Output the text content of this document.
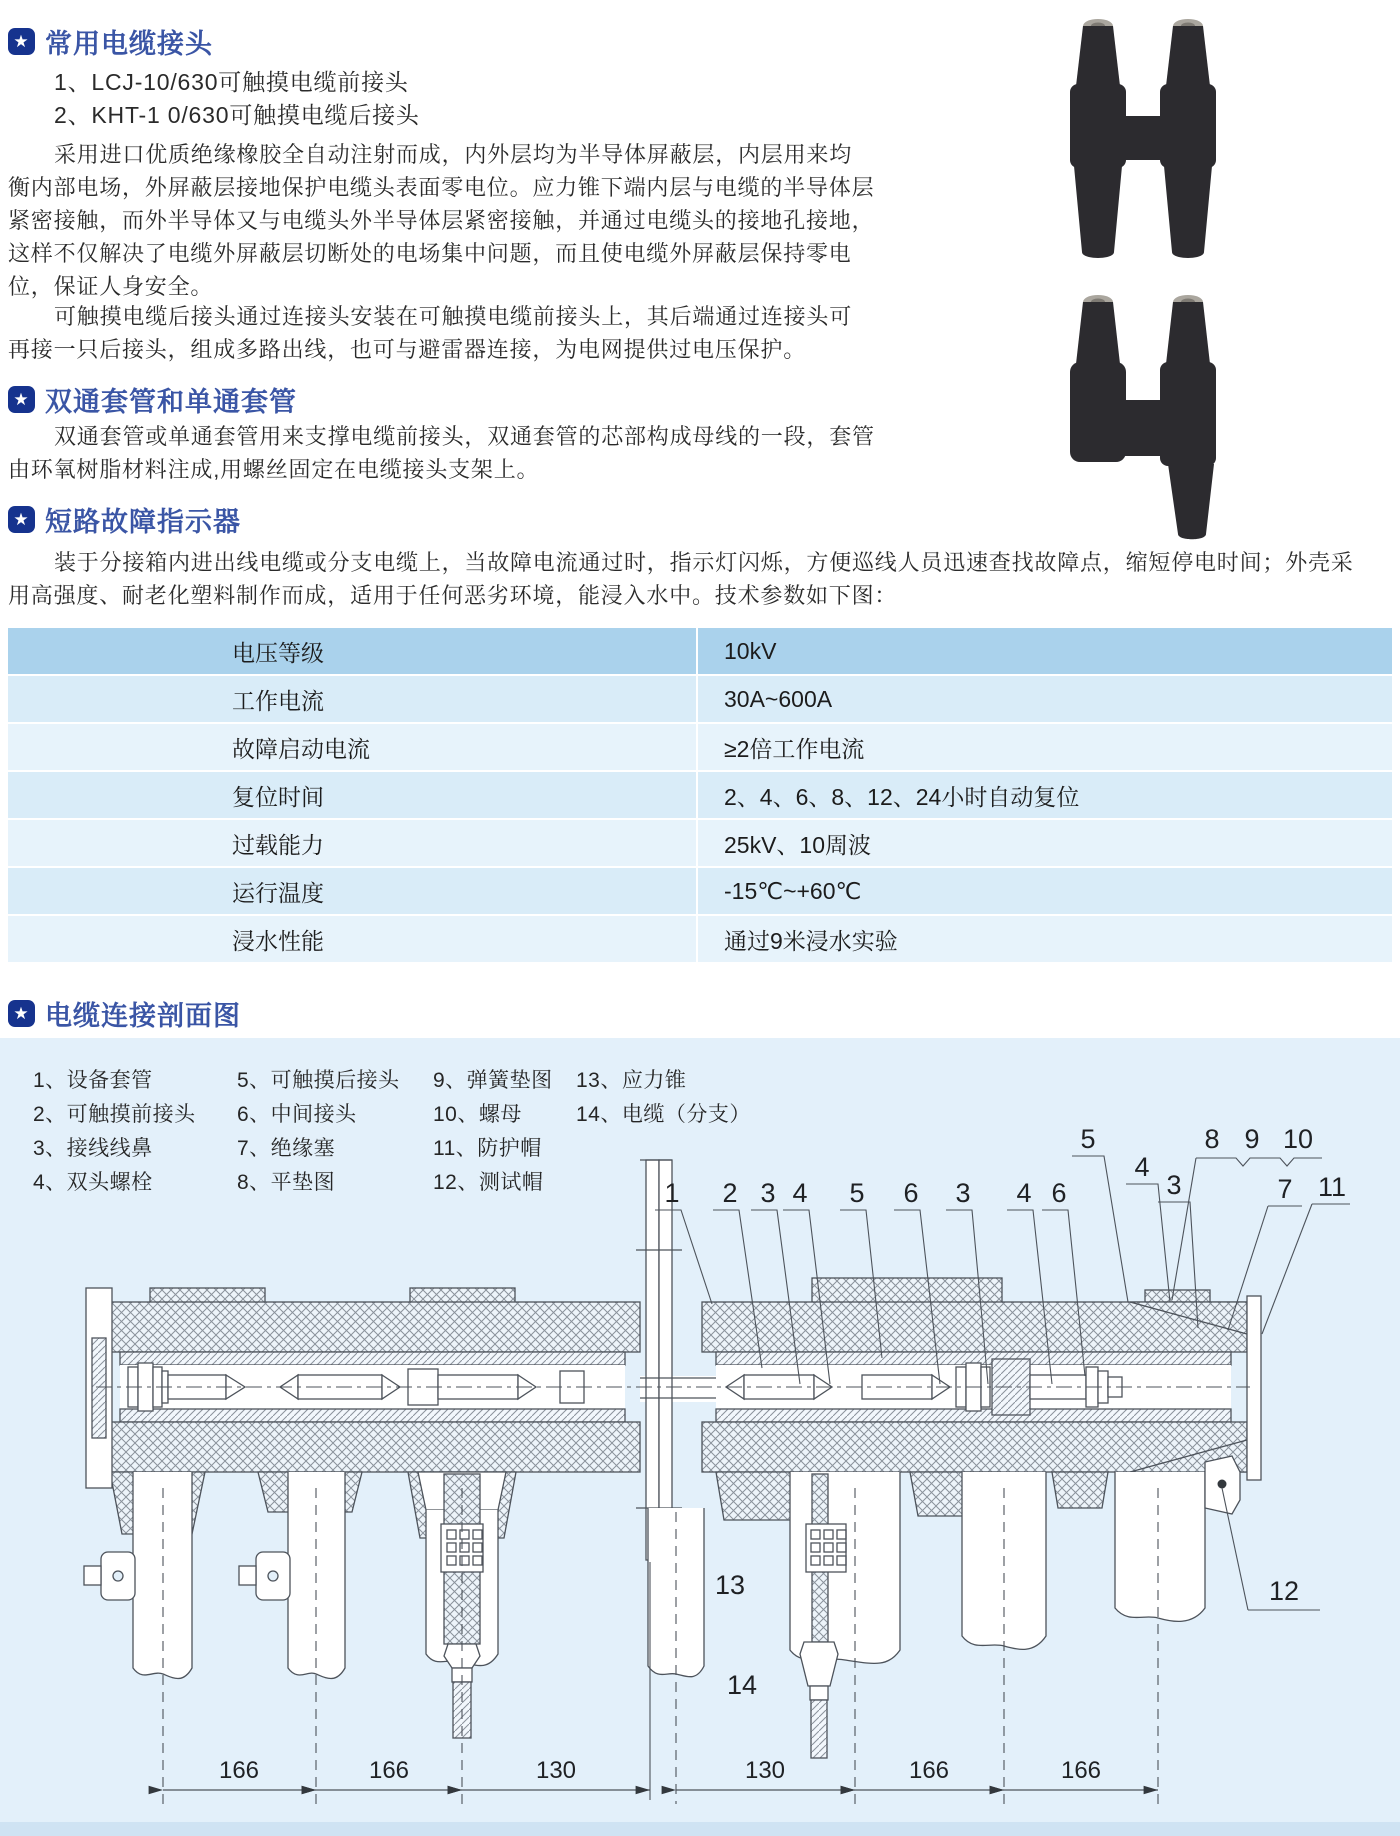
★ 常用电缆接头
1、LCJ-10/630可触摸电缆前接头
2、KHT-1 0/630可触摸电缆后接头
采用进口优质绝缘橡胶全自动注射而成，内外层均为半导体屏蔽层，内层用来均
衡内部电场，外屏蔽层接地保护电缆头表面零电位。应力锥下端内层与电缆的半导体层
紧密接触，而外半导体又与电缆头外半导体层紧密接触，并通过电缆头的接地孔接地，
这样不仅解决了电缆外屏蔽层切断处的电场集中问题，而且使电缆外屏蔽层保持零电
位，保证人身安全。
可触摸电缆后接头通过连接头安装在可触摸电缆前接头上，其后端通过连接头可
再接一只后接头，组成多路出线，也可与避雷器连接，为电网提供过电压保护。
★ 双通套管和单通套管
双通套管或单通套管用来支撑电缆前接头，双通套管的芯部构成母线的一段，套管
由环氧树脂材料注成,用螺丝固定在电缆接头支架上。
★ 短路故障指示器
装于分接箱内进出线电缆或分支电缆上，当故障电流通过时，指示灯闪烁，方便巡线人员迅速查找故障点，缩短停电时间；外壳采
用高强度、耐老化塑料制作而成，适用于任何恶劣环境，能浸入水中。技术参数如下图：
电压等级	10kV
工作电流	30A~600A
故障启动电流	≥2倍工作电流
复位时间	2、4、6、8、12、24小时自动复位
过载能力	25kV、10周波
运行温度	-15℃~+60℃
浸水性能	通过9米浸水实验
★ 电缆连接剖面图
1、设备套管
2、可触摸前接头
3、接线线鼻
4、双头螺栓
5、可触摸后接头
6、中间接头
7、绝缘塞
8、平垫图
9、弹簧垫图
10、螺母
11、防护帽
12、测试帽
13、应力锥
14、电缆（分支）
1 2 3 4 5 6 3 4 6
5
4
3
8 9 10
7 11
13
14
12
166	166	130	130	166	166
